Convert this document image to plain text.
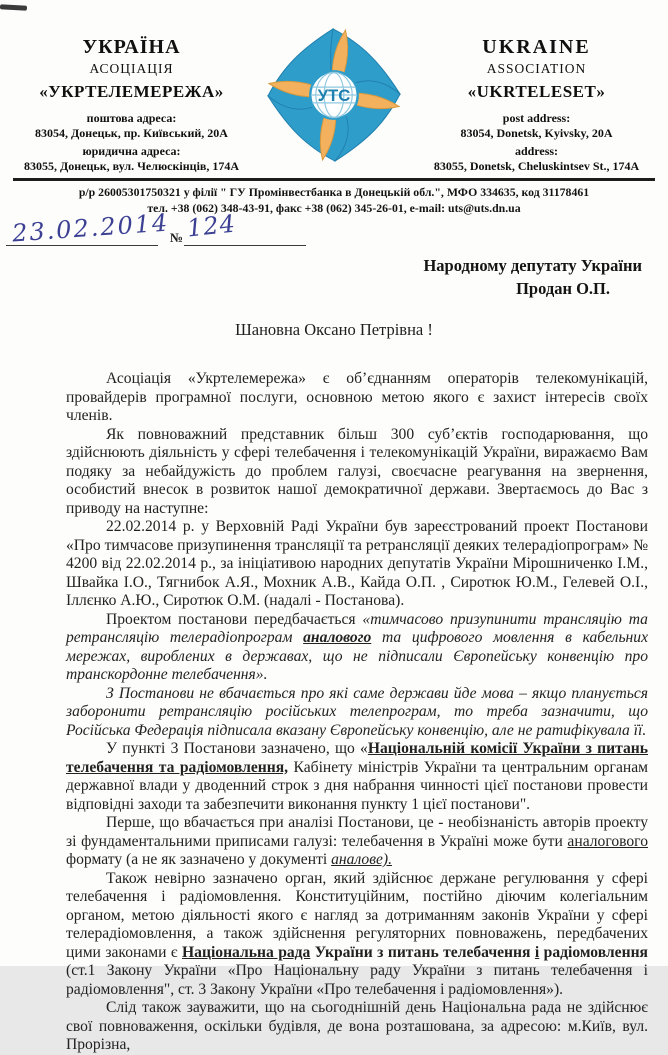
УКРАЇНА
АСОЦІАЦІЯ
«УКРТЕЛЕМЕРЕЖА»
поштова адреса:
83054, Донецьк, пр. Київський, 20А
юридична адреса:
83055, Донецьк, вул. Челюскінців, 174А
УТС
UKRAINE
ASSOCIATION
«UKRTELESET»
post address:
83054, Donetsk, Kyivsky, 20A
address:
83055, Donetsk, Cheluskintsev St., 174A
р/р 26005301750321 у філії " ГУ Промінвестбанка в Донецькій обл.", МФО 334635, код 31178461
тел. +38 (062) 348-43-91, факс +38 (062) 345-26-01, e-mail: uts@uts.dn.ua
23.02.2014 № 124
Народному депутату України
Продан О.П.
Шановна Оксано Петрівна !

Асоціація «Укртелемережа» є об’єднанням операторів телекомунікацій, провайдерів програмної послуги, основною метою якого є захист інтересів своїх членів.

Як повноважний представник більш 300 суб’єктів господарювання, що здійснюють діяльність у сфері телебачення і телекомунікацій України, виражаємо Вам подяку за небайдужість до проблем галузі, своєчасне реагування на звернення, особистий внесок в розвиток нашої демократичної держави. Звертаємось до Вас з приводу на наступне:

22.02.2014 р. у Верховній Раді України був зареєстрований проект Постанови «Про тимчасове призупинення трансляції та ретрансляції деяких телерадіопрограм» № 4200 від 22.02.2014 р., за ініціативою народних депутатів України Мірошниченко І.М., Швайка І.О., Тягнибок А.Я., Мохник А.В., Кайда О.П. , Сиротюк Ю.М., Гелевей О.І., Іллєнко А.Ю., Сиротюк О.М. (надалі - Постанова).

Проектом постанови передбачається «тимчасово призупинити трансляцію та ретрансляцію телерадіопрограм аналового та цифрового мовлення в кабельних мережах, вироблених в державах, що не підписали Європейську конвенцію про транскордонне телебачення».

З Постанови не вбачається про які саме держави йде мова – якщо планується заборонити ретрансляцію російських телепрограм, то треба зазначити, що Російська Федерація підписала вказану Європейську конвенцію, але не ратифікувала її.

У пункті 3 Постанови зазначено, що «Національній комісії України з питань телебачення та радіомовлення, Кабінету міністрів України та центральним органам державної влади у дводенний строк з дня набрання чинності цієї постанови провести відповідні заходи та забезпечити виконання пункту 1 цієї постанови".

Перше, що вбачається при аналізі Постанови, це - необізнаність авторів проекту зі фундаментальними приписами галузі: телебачення в Україні може бути аналогового формату (а не як зазначено у документі аналове).

Також невірно зазначено орган, який здійснює держане регулювання у сфері телебачення і радіомовлення. Конституційним, постійно діючим колегіальним органом, метою діяльності якого є нагляд за дотриманням законів України у сфері телерадіомовлення, а також здійснення регуляторних повноважень, передбачених цими законами є Національна рада України з питань телебачення і радіомовлення (ст.1 Закону України «Про Національну раду України з питань телебачення і радіомовлення", ст. 3 Закону України «Про телебачення і радіомовлення»).

Слід також зауважити, що на сьогоднішній день Національна рада не здійснює свої повноваження, оскільки будівля, де вона розташована, за адресою: м.Київ, вул. Прорізна,
